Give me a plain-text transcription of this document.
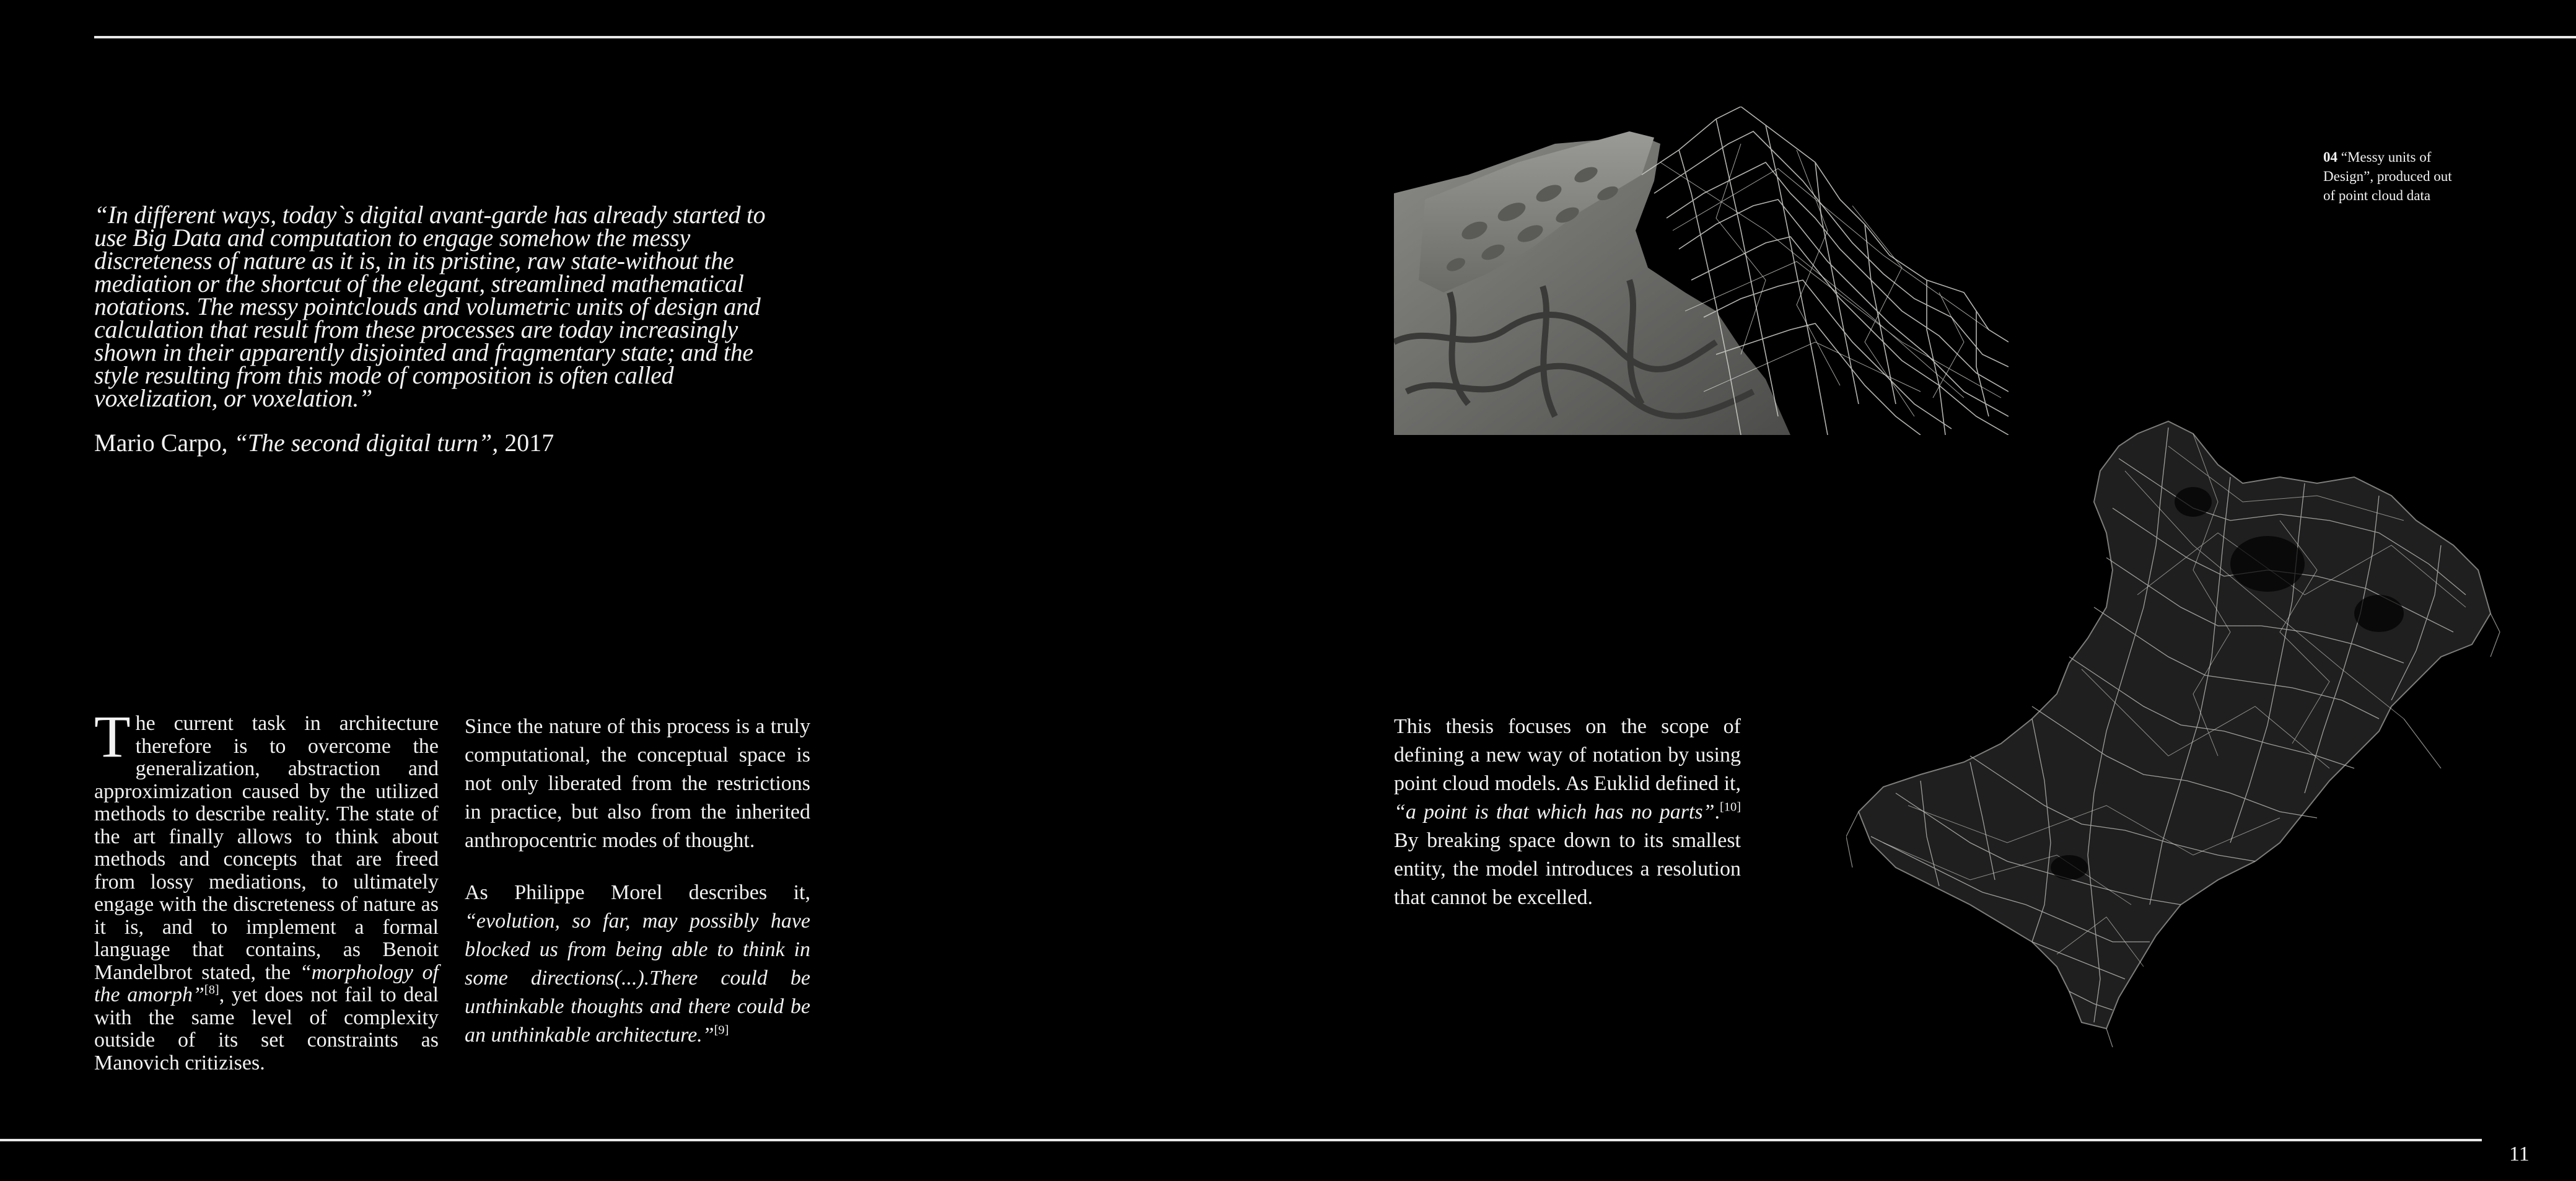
“In different ways, today`s digital avant-garde has already started to use Big Data and computation to engage somehow the messy discreteness of nature as it is, in its pristine, raw state-without the mediation or the shortcut of the elegant, streamlined mathematical notations. The messy pointclouds and volumetric units of design and calculation that result from these processes are today increasingly shown in their apparently disjointed and fragmentary state; and the style resulting from this mode of composition is often called voxelization, or voxelation.”

Mario Carpo, “The second digital turn”, 2017

The current task in architecture therefore is to overcome the generalization, abstraction and approximization caused by the utilized methods to describe reality. The state of the art finally allows to think about methods and concepts that are freed from lossy mediations, to ultimately engage with the discreteness of nature as it is, and to implement a formal language that contains, as Benoit Mandelbrot stated, the “morphology of the amorph”[8], yet does not fail to deal with the same level of complexity outside of its set constraints as Manovich critizises.

Since the nature of this process is a truly computational, the conceptual space is not only liberated from the restrictions in practice, but also from the inherited anthropocentric modes of thought.

As Philippe Morel describes it, “evolution, so far, may possibly have blocked us from being able to think in some directions(...).There could be unthinkable thoughts and there could be an unthinkable architecture.”[9]

This thesis focuses on the scope of defining a new way of notation by using point cloud models. As Euklid defined it, “a point is that which has no parts”.[10] By breaking space down to its smallest entity, the model introduces a resolution that cannot be excelled.

04 “Messy units of Design”, produced out of point cloud data
11
